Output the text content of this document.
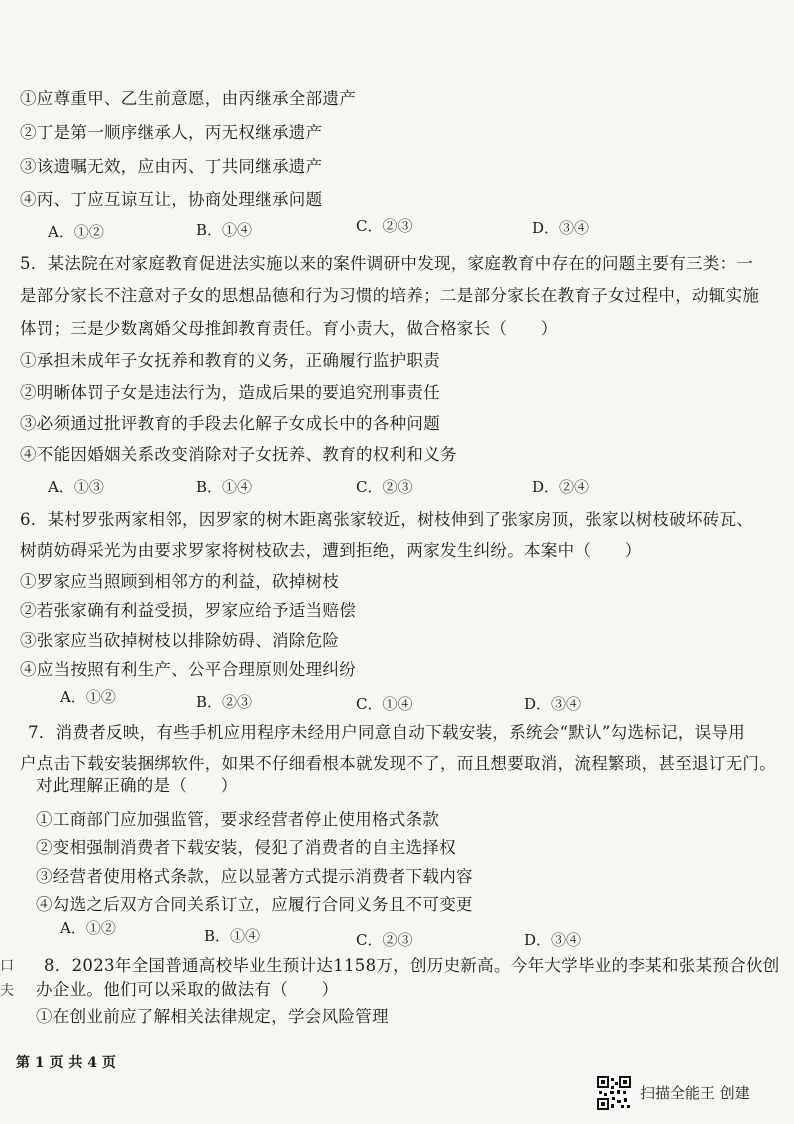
①应尊重甲、乙生前意愿，由丙继承全部遗产
②丁是第一顺序继承人，丙无权继承遗产
③该遗嘱无效，应由丙、丁共同继承遗产
④丙、丁应互谅互让，协商处理继承问题
A．①②	B．①④	C．②③	D．③④
5．某法院在对家庭教育促进法实施以来的案件调研中发现，家庭教育中存在的问题主要有三类：一
是部分家长不注意对子女的思想品德和行为习惯的培养；二是部分家长在教育子女过程中，动辄实施
体罚；三是少数离婚父母推卸教育责任。育小责大，做合格家长（　　）
①承担未成年子女抚养和教育的义务，正确履行监护职责
②明晰体罚子女是违法行为，造成后果的要追究刑事责任
③必须通过批评教育的手段去化解子女成长中的各种问题
④不能因婚姻关系改变消除对子女抚养、教育的权利和义务
A．①③	B．①④	C．②③	D．②④
6．某村罗张两家相邻，因罗家的树木距离张家较近，树枝伸到了张家房顶，张家以树枝破坏砖瓦、
树荫妨碍采光为由要求罗家将树枝砍去，遭到拒绝，两家发生纠纷。本案中（　　）
①罗家应当照顾到相邻方的利益，砍掉树枝
②若张家确有利益受损，罗家应给予适当赔偿
③张家应当砍掉树枝以排除妨碍、消除危险
④应当按照有利生产、公平合理原则处理纠纷
A．①②	B．②③	C．①④	D．③④
7．消费者反映，有些手机应用程序未经用户同意自动下载安装，系统会“默认”勾选标记，误导用
户点击下载安装捆绑软件，如果不仔细看根本就发现不了，而且想要取消，流程繁琐，甚至退订无门。
对此理解正确的是（　　）
①工商部门应加强监管，要求经营者停止使用格式条款
②变相强制消费者下载安装，侵犯了消费者的自主选择权
③经营者使用格式条款，应以显著方式提示消费者下载内容
④勾选之后双方合同关系订立，应履行合同义务且不可变更
A．①②	B．①④	C．②③	D．③④
8．2023年全国普通高校毕业生预计达1158万，创历史新高。今年大学毕业的李某和张某预合伙创
办企业。他们可以采取的做法有（　　）
①在创业前应了解相关法律规定，学会风险管理
口
夫
第 1 页 共 4 页
扫描全能王 创建
